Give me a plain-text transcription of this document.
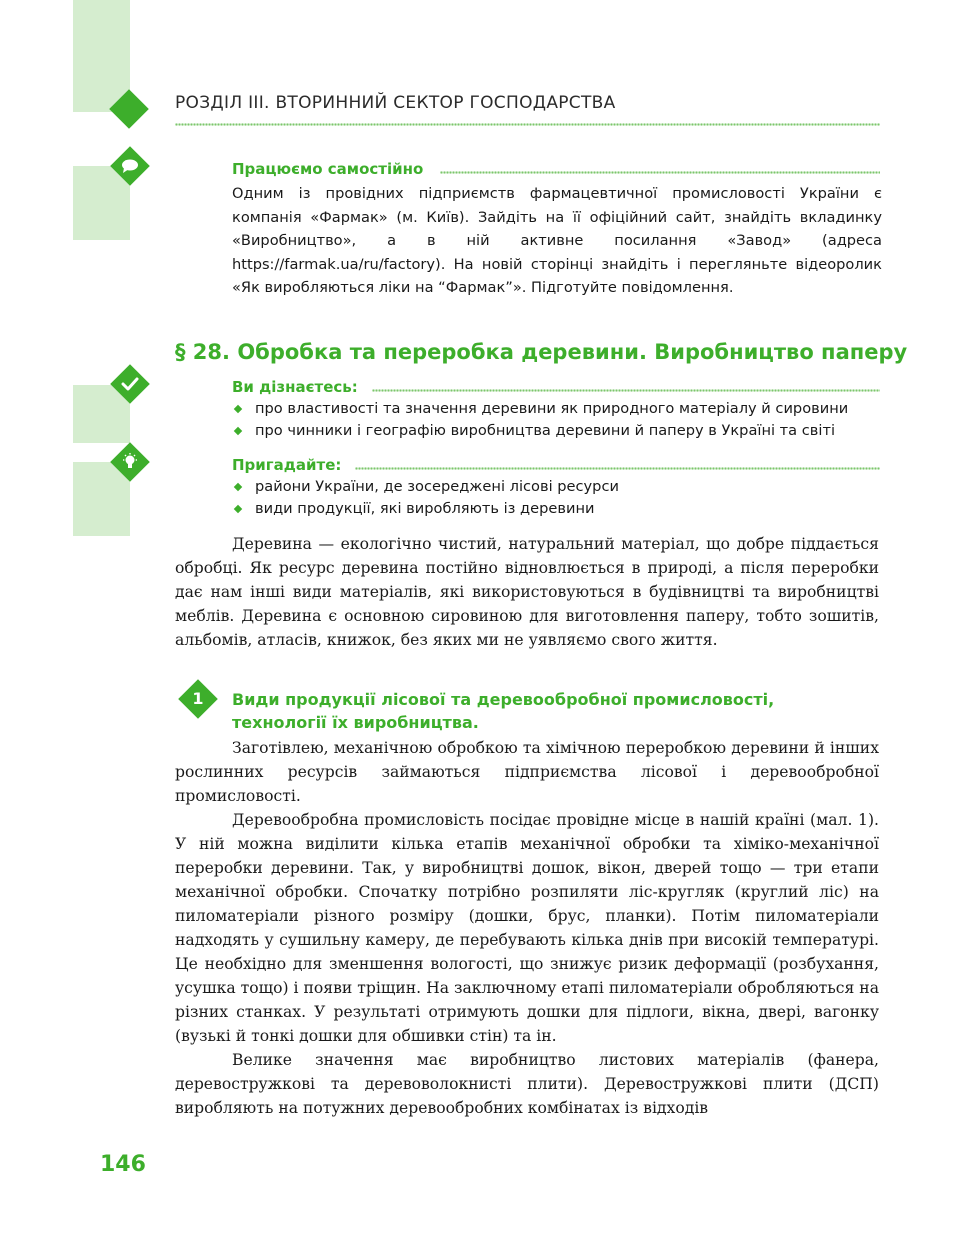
РОЗДІЛ ІІІ. ВТОРИННИЙ СЕКТОР ГОСПОДАРСТВА
Працюємо самостійно
Одним із провідних підприємств фармацевтичної промисловості України є компанія «Фармак» (м. Київ). Зайдіть на її офіційний сайт, знайдіть вкладинку «Виробництво», а в ній активне посилання «Завод» (адреса https://farmak.ua/ru/factory). На новій сторінці знайдіть і перегляньте відеоролик «Як виробляються ліки на “Фармак”». Підготуйте повідомлення.
§ 28. Обробка та переробка деревини. Виробництво паперу
Ви дізнаєтесь:
про властивості та значення деревини як природного матеріалу й сировини
про чинники і географію виробництва деревини й паперу в Україні та світі
Пригадайте:
райони України, де зосереджені лісові ресурси
види продукції, які виробляють із деревини

Деревина — екологічно чистий, натуральний матеріал, що добре піддається обробці. Як ресурс деревина постійно відновлюється в природі, а після переробки дає нам інші види матеріалів, які використовуються в будівництві та виробництві меблів. Деревина є основною сировиною для виготовлення паперу, тобто зошитів, альбомів, атласів, книжок, без яких ми не уявляємо свого життя.

1 Види продукції лісової та деревообробної промисловості, технології їх виробництва.

Заготівлею, механічною обробкою та хімічною переробкою деревини й інших рослинних ресурсів займаються підприємства лісової і деревообробної промисловості.

Деревообробна промисловість посідає провідне місце в нашій країні (мал. 1). У ній можна виділити кілька етапів механічної обробки та хіміко-механічної переробки деревини. Так, у виробництві дошок, вікон, дверей тощо — три етапи механічної обробки. Спочатку потрібно розпиляти ліс-кругляк (круглий ліс) на пиломатеріали різного розміру (дошки, брус, планки). Потім пиломатеріали надходять у сушильну камеру, де перебувають кілька днів при високій температурі. Це необхідно для зменшення вологості, що знижує ризик деформації (розбухання, усушка тощо) і появи тріщин. На заключному етапі пиломатеріали обробляються на різних станках. У результаті отримують дошки для підлоги, вікна, двері, вагонку (вузькі й тонкі дошки для обшивки стін) та ін.

Велике значення має виробництво листових матеріалів (фанера, деревостружкові та деревоволокнисті плити). Деревостружкові плити (ДСП) виробляють на потужних деревообробних комбінатах із відходів

146
